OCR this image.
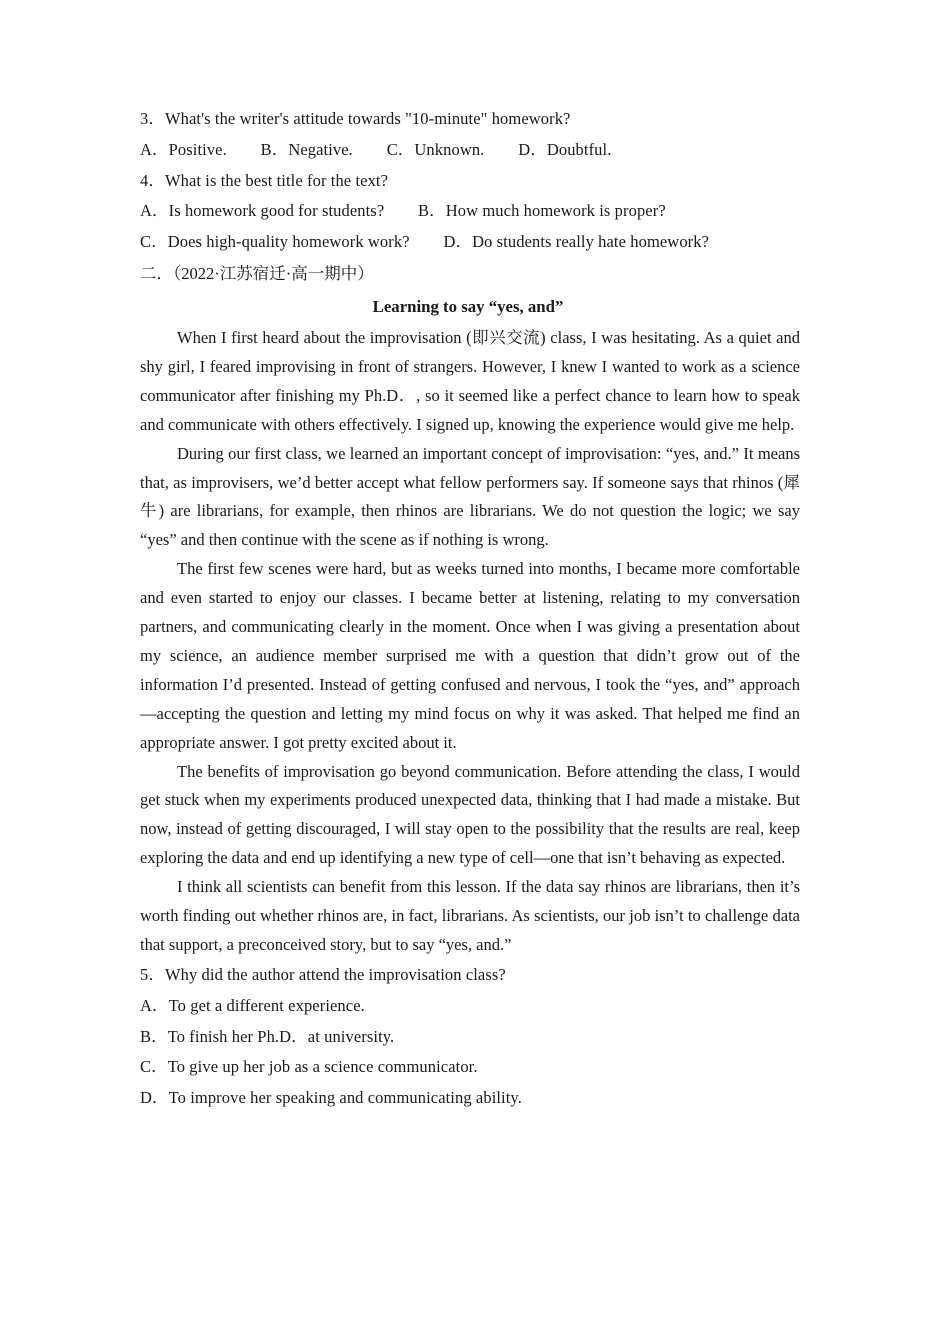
3．What's the writer's attitude towards "10-minute" homework?
A．Positive.        B．Negative.        C．Unknown.        D．Doubtful.
4．What is the best title for the text?
A．Is homework good for students?        B．How much homework is proper?
C．Does high-quality homework work?        D．Do students really hate homework?
二．（2022·江苏宿迁·高一期中）
Learning to say “yes, and”

When I first heard about the improvisation (即兴交流) class, I was hesitating. As a quiet and shy girl, I feared improvising in front of strangers. However, I knew I wanted to work as a science communicator after finishing my Ph.D．, so it seemed like a perfect chance to learn how to speak and communicate with others effectively. I signed up, knowing the experience would give me help.

During our first class, we learned an important concept of improvisation: “yes, and.” It means that, as improvisers, we’d better accept what fellow performers say. If someone says that rhinos (犀牛) are librarians, for example, then rhinos are librarians. We do not question the logic; we say “yes” and then continue with the scene as if nothing is wrong.

The first few scenes were hard, but as weeks turned into months, I became more comfortable and even started to enjoy our classes. I became better at listening, relating to my conversation partners, and communicating clearly in the moment. Once when I was giving a presentation about my science, an audience member surprised me with a question that didn’t grow out of the information I’d presented. Instead of getting confused and nervous, I took the “yes, and” approach—accepting the question and letting my mind focus on why it was asked. That helped me find an appropriate answer. I got pretty excited about it.

The benefits of improvisation go beyond communication. Before attending the class, I would get stuck when my experiments produced unexpected data, thinking that I had made a mistake. But now, instead of getting discouraged, I will stay open to the possibility that the results are real, keep exploring the data and end up identifying a new type of cell—one that isn’t behaving as expected.

I think all scientists can benefit from this lesson. If the data say rhinos are librarians, then it’s worth finding out whether rhinos are, in fact, librarians. As scientists, our job isn’t to challenge data that support, a preconceived story, but to say “yes, and.”

5．Why did the author attend the improvisation class?
A．To get a different experience.
B．To finish her Ph.D．at university.
C．To give up her job as a science communicator.
D．To improve her speaking and communicating ability.
